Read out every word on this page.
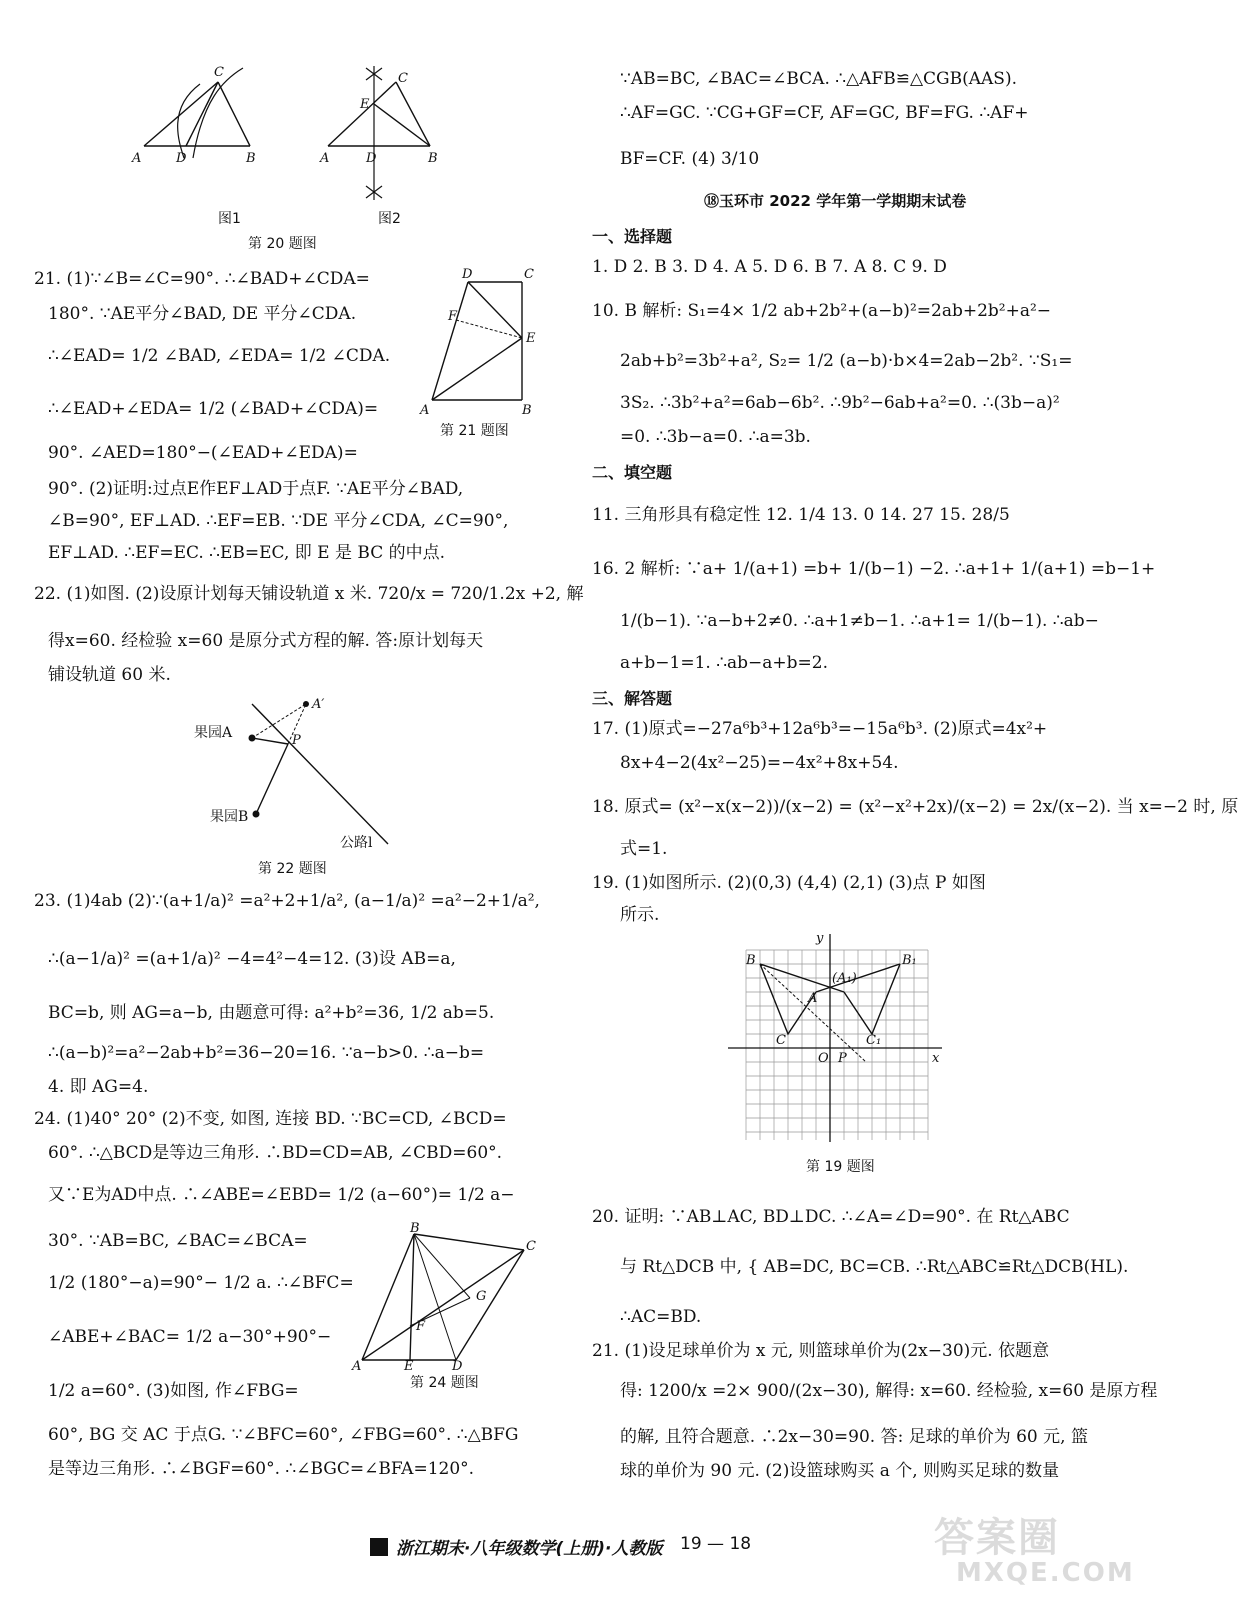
A	D	B
C
A	D	B
C
E
图1	图2
第 20 题图
21. (1)∵∠B=∠C=90°. ∴∠BAD+∠CDA=
180°. ∵AE平分∠BAD, DE 平分∠CDA.
∴∠EAD= 1/2 ∠BAD, ∠EDA= 1/2 ∠CDA.
∴∠EAD+∠EDA= 1/2 (∠BAD+∠CDA)=
90°. ∠AED=180°−(∠EAD+∠EDA)=
90°. (2)证明:过点E作EF⊥AD于点F. ∵AE平分∠BAD,
∠B=90°, EF⊥AD. ∴EF=EB. ∵DE 平分∠CDA, ∠C=90°,
EF⊥AD. ∴EF=EC. ∴EB=EC, 即 E 是 BC 的中点.
D	C
F
E
A	B
第 21 题图
22. (1)如图. (2)设原计划每天铺设轨道 x 米. 720/x = 720/1.2x +2, 解
得x=60. 经检验 x=60 是原分式方程的解. 答:原计划每天
铺设轨道 60 米.
A′
P
果园A
果园B
公路l
第 22 题图
23. (1)4ab (2)∵(a+1/a)² =a²+2+1/a², (a−1/a)² =a²−2+1/a²,
∴(a−1/a)² =(a+1/a)² −4=4²−4=12. (3)设 AB=a,
BC=b, 则 AG=a−b, 由题意可得: a²+b²=36, 1/2 ab=5.
∴(a−b)²=a²−2ab+b²=36−20=16. ∵a−b>0. ∴a−b=
4. 即 AG=4.
24. (1)40° 20° (2)不变, 如图, 连接 BD. ∵BC=CD, ∠BCD=
60°. ∴△BCD是等边三角形. ∴BD=CD=AB, ∠CBD=60°.
又∵E为AD中点. ∴∠ABE=∠EBD= 1/2 (a−60°)= 1/2 a−
30°. ∵AB=BC, ∠BAC=∠BCA=
1/2 (180°−a)=90°− 1/2 a. ∴∠BFC=
∠ABE+∠BAC= 1/2 a−30°+90°−
1/2 a=60°. (3)如图, 作∠FBG=
60°, BG 交 AC 于点G. ∵∠BFC=60°, ∠FBG=60°. ∴△BFG
是等边三角形. ∴∠BGF=60°. ∴∠BGC=∠BFA=120°.
B
C
G
F
A	E	D
第 24 题图
∵AB=BC, ∠BAC=∠BCA. ∴△AFB≌△CGB(AAS).
∴AF=GC. ∵CG+GF=CF, AF=GC, BF=FG. ∴AF+
BF=CF. (4) 3/10
⑱玉环市 2022 学年第一学期期末试卷
一、选择题
1. D 2. B 3. D 4. A 5. D 6. B 7. A 8. C 9. D
10. B 解析: S₁=4× 1/2 ab+2b²+(a−b)²=2ab+2b²+a²−
2ab+b²=3b²+a², S₂= 1/2 (a−b)·b×4=2ab−2b². ∵S₁=
3S₂. ∴3b²+a²=6ab−6b². ∴9b²−6ab+a²=0. ∴(3b−a)²
=0. ∴3b−a=0. ∴a=3b.
二、填空题
11. 三角形具有稳定性 12. 1/4 13. 0 14. 27 15. 28/5
16. 2 解析: ∵a+ 1/(a+1) =b+ 1/(b−1) −2. ∴a+1+ 1/(a+1) =b−1+
1/(b−1). ∵a−b+2≠0. ∴a+1≠b−1. ∴a+1= 1/(b−1). ∴ab−
a+b−1=1. ∴ab−a+b=2.
三、解答题
17. (1)原式=−27a⁶b³+12a⁶b³=−15a⁶b³. (2)原式=4x²+
8x+4−2(4x²−25)=−4x²+8x+54.
18. 原式= (x²−x(x−2))/(x−2) = (x²−x²+2x)/(x−2) = 2x/(x−2). 当 x=−2 时, 原
式=1.
19. (1)如图所示. (2)(0,3) (4,4) (2,1) (3)点 P 如图
所示.
B	B₁
(A₁)
A
C	C₁
O P	x
y
第 19 题图
20. 证明: ∵AB⊥AC, BD⊥DC. ∴∠A=∠D=90°. 在 Rt△ABC
与 Rt△DCB 中, { AB=DC, BC=CB. ∴Rt△ABC≌Rt△DCB(HL).
∴AC=BD.
21. (1)设足球单价为 x 元, 则篮球单价为(2x−30)元. 依题意
得: 1200/x =2× 900/(2x−30), 解得: x=60. 经检验, x=60 是原方程
的解, 且符合题意. ∴2x−30=90. 答: 足球的单价为 60 元, 篮
球的单价为 90 元. (2)设篮球购买 a 个, 则购买足球的数量
浙江期末·八年级数学(上册)·人教版 19 — 18	答案圈
MXQE.COM
